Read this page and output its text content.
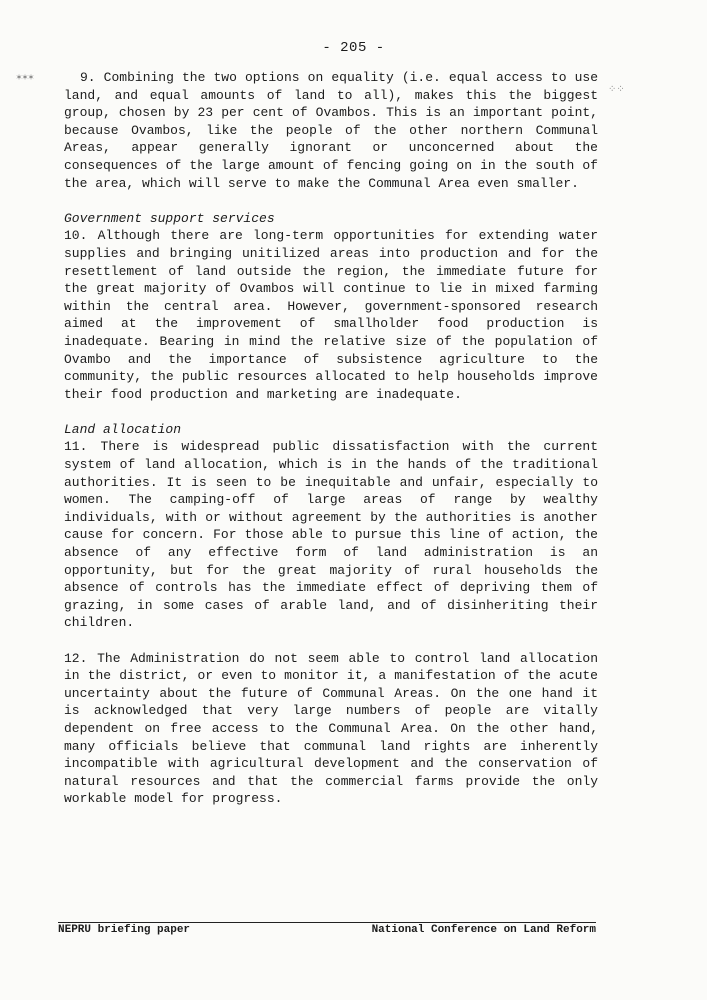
- 205 -
✶✶✶
⁘⁘

9. Combining the two options on equality (i.e. equal access to use land, and equal amounts of land to all), makes this the biggest group, chosen by 23 per cent of Ovambos. This is an important point, because Ovambos, like the people of the other northern Communal Areas, appear generally ignorant or unconcerned about the consequences of the large amount of fencing going on in the south of the area, which will serve to make the Communal Area even smaller.

Government support services

10. Although there are long-term opportunities for extending water supplies and bringing unitilized areas into production and for the resettlement of land outside the region, the immediate future for the great majority of Ovambos will continue to lie in mixed farming within the central area. However, government-sponsored research aimed at the improvement of smallholder food production is inadequate. Bearing in mind the relative size of the population of Ovambo and the importance of subsistence agriculture to the community, the public resources allocated to help households improve their food production and marketing are inadequate.

Land allocation

11. There is widespread public dissatisfaction with the current system of land allocation, which is in the hands of the traditional authorities. It is seen to be inequitable and unfair, especially to women. The camping-off of large areas of range by wealthy individuals, with or without agreement by the authorities is another cause for concern. For those able to pursue this line of action, the absence of any effective form of land administration is an opportunity, but for the great majority of rural households the absence of controls has the immediate effect of depriving them of grazing, in some cases of arable land, and of disinheriting their children.

12. The Administration do not seem able to control land allocation in the district, or even to monitor it, a manifestation of the acute uncertainty about the future of Communal Areas. On the one hand it is acknowledged that very large numbers of people are vitally dependent on free access to the Communal Area. On the other hand, many officials believe that communal land rights are inherently incompatible with agricultural development and the conservation of natural resources and that the commercial farms provide the only workable model for progress.

NEPRU briefing paper	National Conference on Land Reform
